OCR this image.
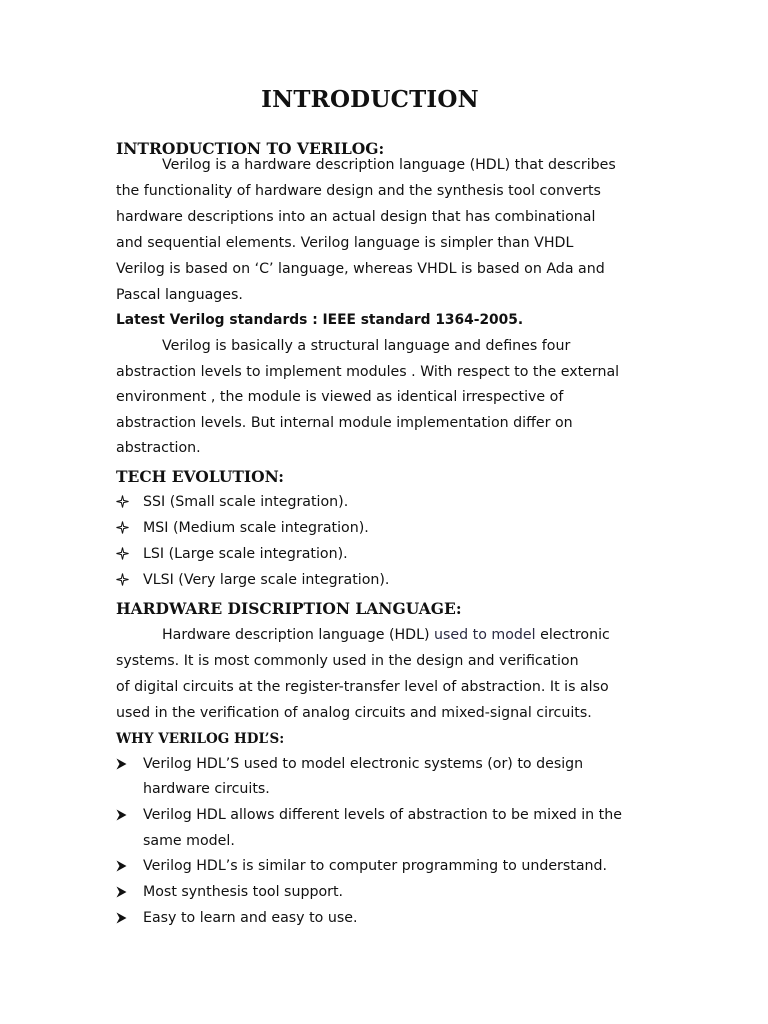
INTRODUCTION
INTRODUCTION TO VERILOG:
Verilog is a hardware description language (HDL) that describes
the functionality of hardware design and the synthesis tool converts
hardware descriptions into an actual design that has combinational
and sequential elements. Verilog language is simpler than VHDL
Verilog is based on ‘C’ language, whereas VHDL is based on Ada and
Pascal languages.
Latest Verilog standards : IEEE standard 1364-2005.
Verilog is basically a structural language and defines four
abstraction levels to implement modules . With respect to the external
environment , the module is viewed as identical irrespective of
abstraction levels. But internal module implementation differ on
abstraction.
TECH EVOLUTION:
SSI (Small scale integration).
MSI (Medium scale integration).
LSI (Large scale integration).
VLSI (Very large scale integration).
HARDWARE DISCRIPTION LANGUAGE:
Hardware description language (HDL) used to model electronic
systems. It is most commonly used in the design and verification
of digital circuits at the register-transfer level of abstraction. It is also
used in the verification of analog circuits and mixed-signal circuits.
WHY VERILOG HDL’S:
Verilog HDL’S used to model electronic systems (or) to design
hardware circuits.
Verilog HDL allows different levels of abstraction to be mixed in the
same model.
Verilog HDL’s is similar to computer programming to understand.
Most synthesis tool support.
Easy to learn and easy to use.
